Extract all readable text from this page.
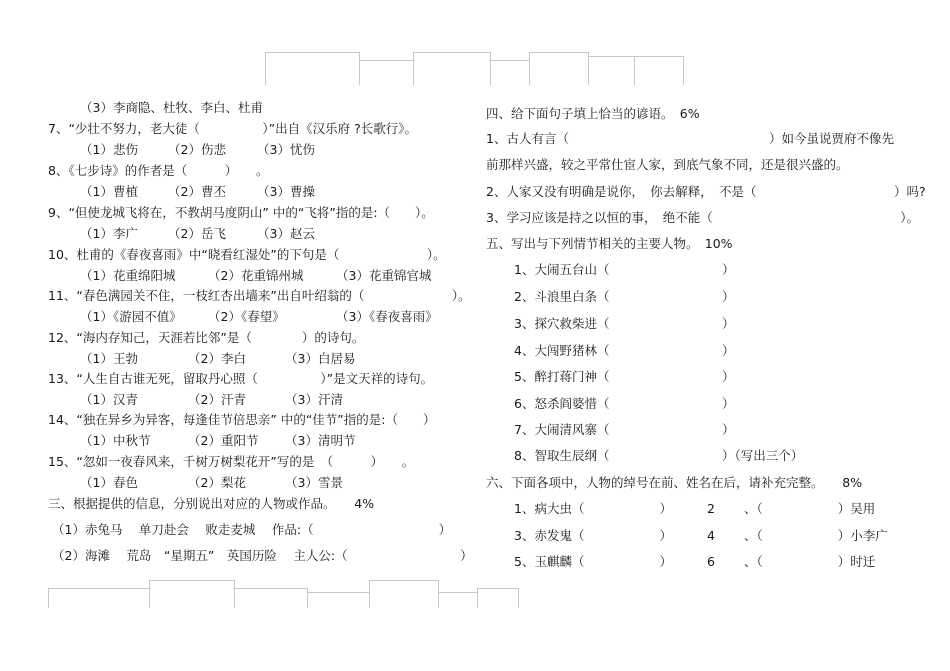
（3）李商隐、杜牧、李白、杜甫
7、“少壮不努力，老大徒（　　　　　）”出自《汉乐府 ?长歌行》。
（1）悲伤 （2）伤悲 （3）忧伤
8、《七步诗》的作者是（　　　）　　。
（1）曹植 （2）曹丕 （3）曹操
9、“但使龙城飞将在，不教胡马度阴山” 中的“飞将”指的是:（　　）。
（1）李广 （2）岳飞 （3）赵云
10、杜甫的《春夜喜雨》中“晓看红湿处”的下句是（　　　　　　　）。
（1）花重绵阳城	（2）花重锦州城	（3）花重锦官城
11、“春色满园关不住，一枝红杏出墙来”出自叶绍翁的（　　　　　　　）。
（1）《游园不值》 （2）《春望》	（3）《春夜喜雨》
12、“海内存知己，天涯若比邻”是（　　　　）的诗句。
（1）王勃	（2）李白	（3）白居易
13、“人生自古谁无死，留取丹心照（　　　　　）”是文天祥的诗句。
（1）汉青	（2）汗青	（3）汗清
14、“独在异乡为异客，每逢佳节倍思亲” 中的“佳节”指的是:（　　）
（1）中秋节	（2）重阳节 （3）清明节
15、“忽如一夜春风来，千树万树梨花开”写的是　（　　　）　　。
（1）春色	（2）梨花	（3）雪景
三、根据提供的信息，分别说出对应的人物或作品。　　4%
（1）赤兔马　 单刀赴会　 败走麦城　 作品:（　　　　　　　　　　）
（2）海滩　 荒岛　“星期五”　英国历险　 主人公:（　　　　　　　　　）
四、给下面句子填上恰当的谚语。　6%
1、古人有言（　　　　　　　　　　　　　　　　）如今虽说贾府不像先
前那样兴盛，较之平常仕宦人家，到底气象不同，还是很兴盛的。
2、人家又没有明确是说你，　你去解释，　不是（　　　　　　　　　　　）吗?
3、学习应该是持之以恒的事，　绝不能（　　　　　　　　　　　　　　　）。
五、写出与下列情节相关的主要人物。　10%
1、大闹五台山（　　　　　　　　　）
2、斗浪里白条（　　　　　　　　　）
3、探穴救柴进（　　　　　　　　　）
4、大闯野猪林（　　　　　　　　　）
5、醉打蒋门神（　　　　　　　　　）
6、怒杀阎婆惜（　　　　　　　　　）
7、大闹清风寨（　　　　　　　　　）
8、智取生辰纲（　　　　　　　　　）（写出三个）
六、下面各项中，人物的绰号在前、姓名在后，请补充完整。　　8%
1、病大虫（　　　　　　）	2 、（　　　　　　）吴用
3、赤发鬼（　　　　　　）	4 、（　　　　　　）小李广
5、玉麒麟（　　　　　　）	6 、（　　　　　　）时迁
